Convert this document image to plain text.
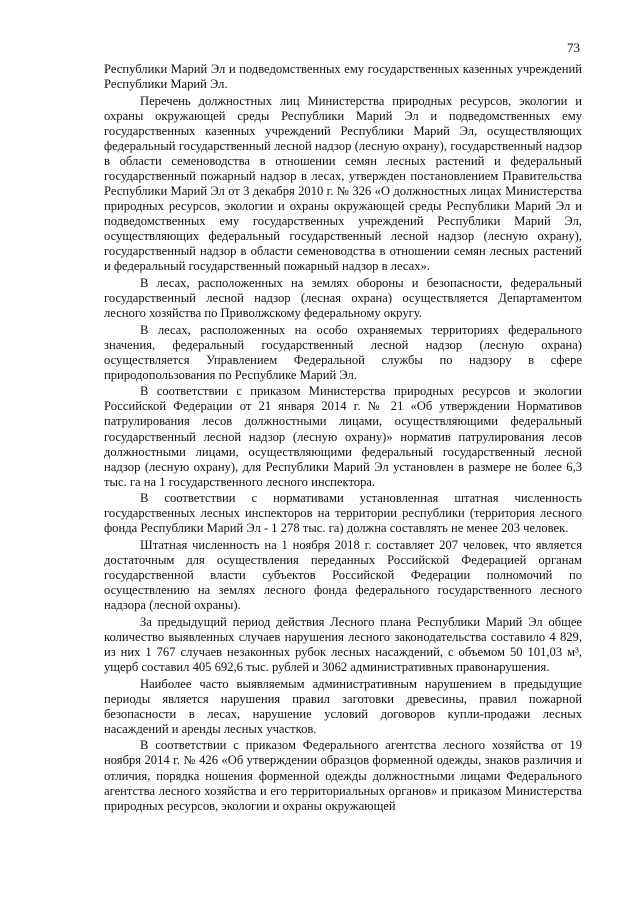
73

Республики Марий Эл и подведомственных ему государственных казенных учреждений Республики Марий Эл.

Перечень должностных лиц Министерства природных ресурсов, экологии и охраны окружающей среды Республики Марий Эл и подведомственных ему государственных казенных учреждений Республики Марий Эл, осуществляющих федеральный государственный лесной надзор (лесную охрану), государственный надзор в области семеноводства в отношении семян лесных растений и федеральный государственный пожарный надзор в лесах, утвержден постановлением Правительства Республики Марий Эл от 3 декабря 2010 г. № 326 «О должностных лицах Министерства природных ресурсов, экологии и охраны окружающей среды Республики Марий Эл и подведомственных ему государственных учреждений Республики Марий Эл, осуществляющих федеральный государственный лесной надзор (лесную охрану), государственный надзор в области семеноводства в отношении семян лесных растений и федеральный государственный пожарный надзор в лесах».

В лесах, расположенных на землях обороны и безопасности, федеральный государственный лесной надзор (лесная охрана) осуществляется Департаментом лесного хозяйства по Приволжскому федеральному округу.

В лесах, расположенных на особо охраняемых территориях федерального значения, федеральный государственный лесной надзор (лесную охрана) осуществляется Управлением Федеральной службы по надзору в сфере природопользования по Республике Марий Эл.

В соответствии с приказом Министерства природных ресурсов и экологии Российской Федерации от 21 января 2014 г. № 21 «Об утверждении Нормативов патрулирования лесов должностными лицами, осуществляющими федеральный государственный лесной надзор (лесную охрану)» норматив патрулирования лесов должностными лицами, осуществляющими федеральный государственный лесной надзор (лесную охрану), для Республики Марий Эл установлен в размере не более 6,3 тыс. га на 1 государственного лесного инспектора.

В соответствии с нормативами установленная штатная численность государственных лесных инспекторов на территории республики (территория лесного фонда Республики Марий Эл - 1 278 тыс. га) должна составлять не менее 203 человек.

Штатная численность на 1 ноября 2018 г. составляет 207 человек, что является достаточным для осуществления переданных Российской Федерацией органам государственной власти субъектов Российской Федерации полномочий по осуществлению на землях лесного фонда федерального государственного лесного надзора (лесной охраны).

За предыдущий период действия Лесного плана Республики Марий Эл общее количество выявленных случаев нарушения лесного законодательства составило 4 829, из них 1 767 случаев незаконных рубок лесных насаждений, с объемом 50 101,03 м³, ущерб составил 405 692,6 тыс. рублей и 3062 административных правонарушения.

Наиболее часто выявляемым административным нарушением в предыдущие периоды является нарушения правил заготовки древесины, правил пожарной безопасности в лесах, нарушение условий договоров купли-продажи лесных насаждений и аренды лесных участков.

В соответствии с приказом Федерального агентства лесного хозяйства от 19 ноября 2014 г. № 426 «Об утверждении образцов форменной одежды, знаков различия и отличия, порядка ношения форменной одежды должностными лицами Федерального агентства лесного хозяйства и его территориальных органов» и приказом Министерства природных ресурсов, экологии и охраны окружающей
